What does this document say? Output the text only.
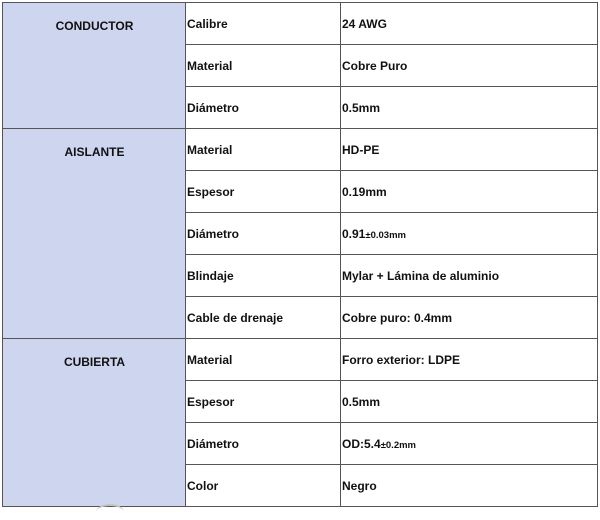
CONDUCTOR	Calibre	24 AWG
	Material	Cobre Puro
	Diámetro	0.5mm
AISLANTE	Material	HD-PE
	Espesor	0.19mm
	Diámetro	0.91±0.03mm
	Blindaje	Mylar + Lámina de aluminio
	Cable de drenaje	Cobre puro: 0.4mm
CUBIERTA	Material	Forro exterior: LDPE
	Espesor	0.5mm
	Diámetro	OD:5.4±0.2mm
	Color	Negro
